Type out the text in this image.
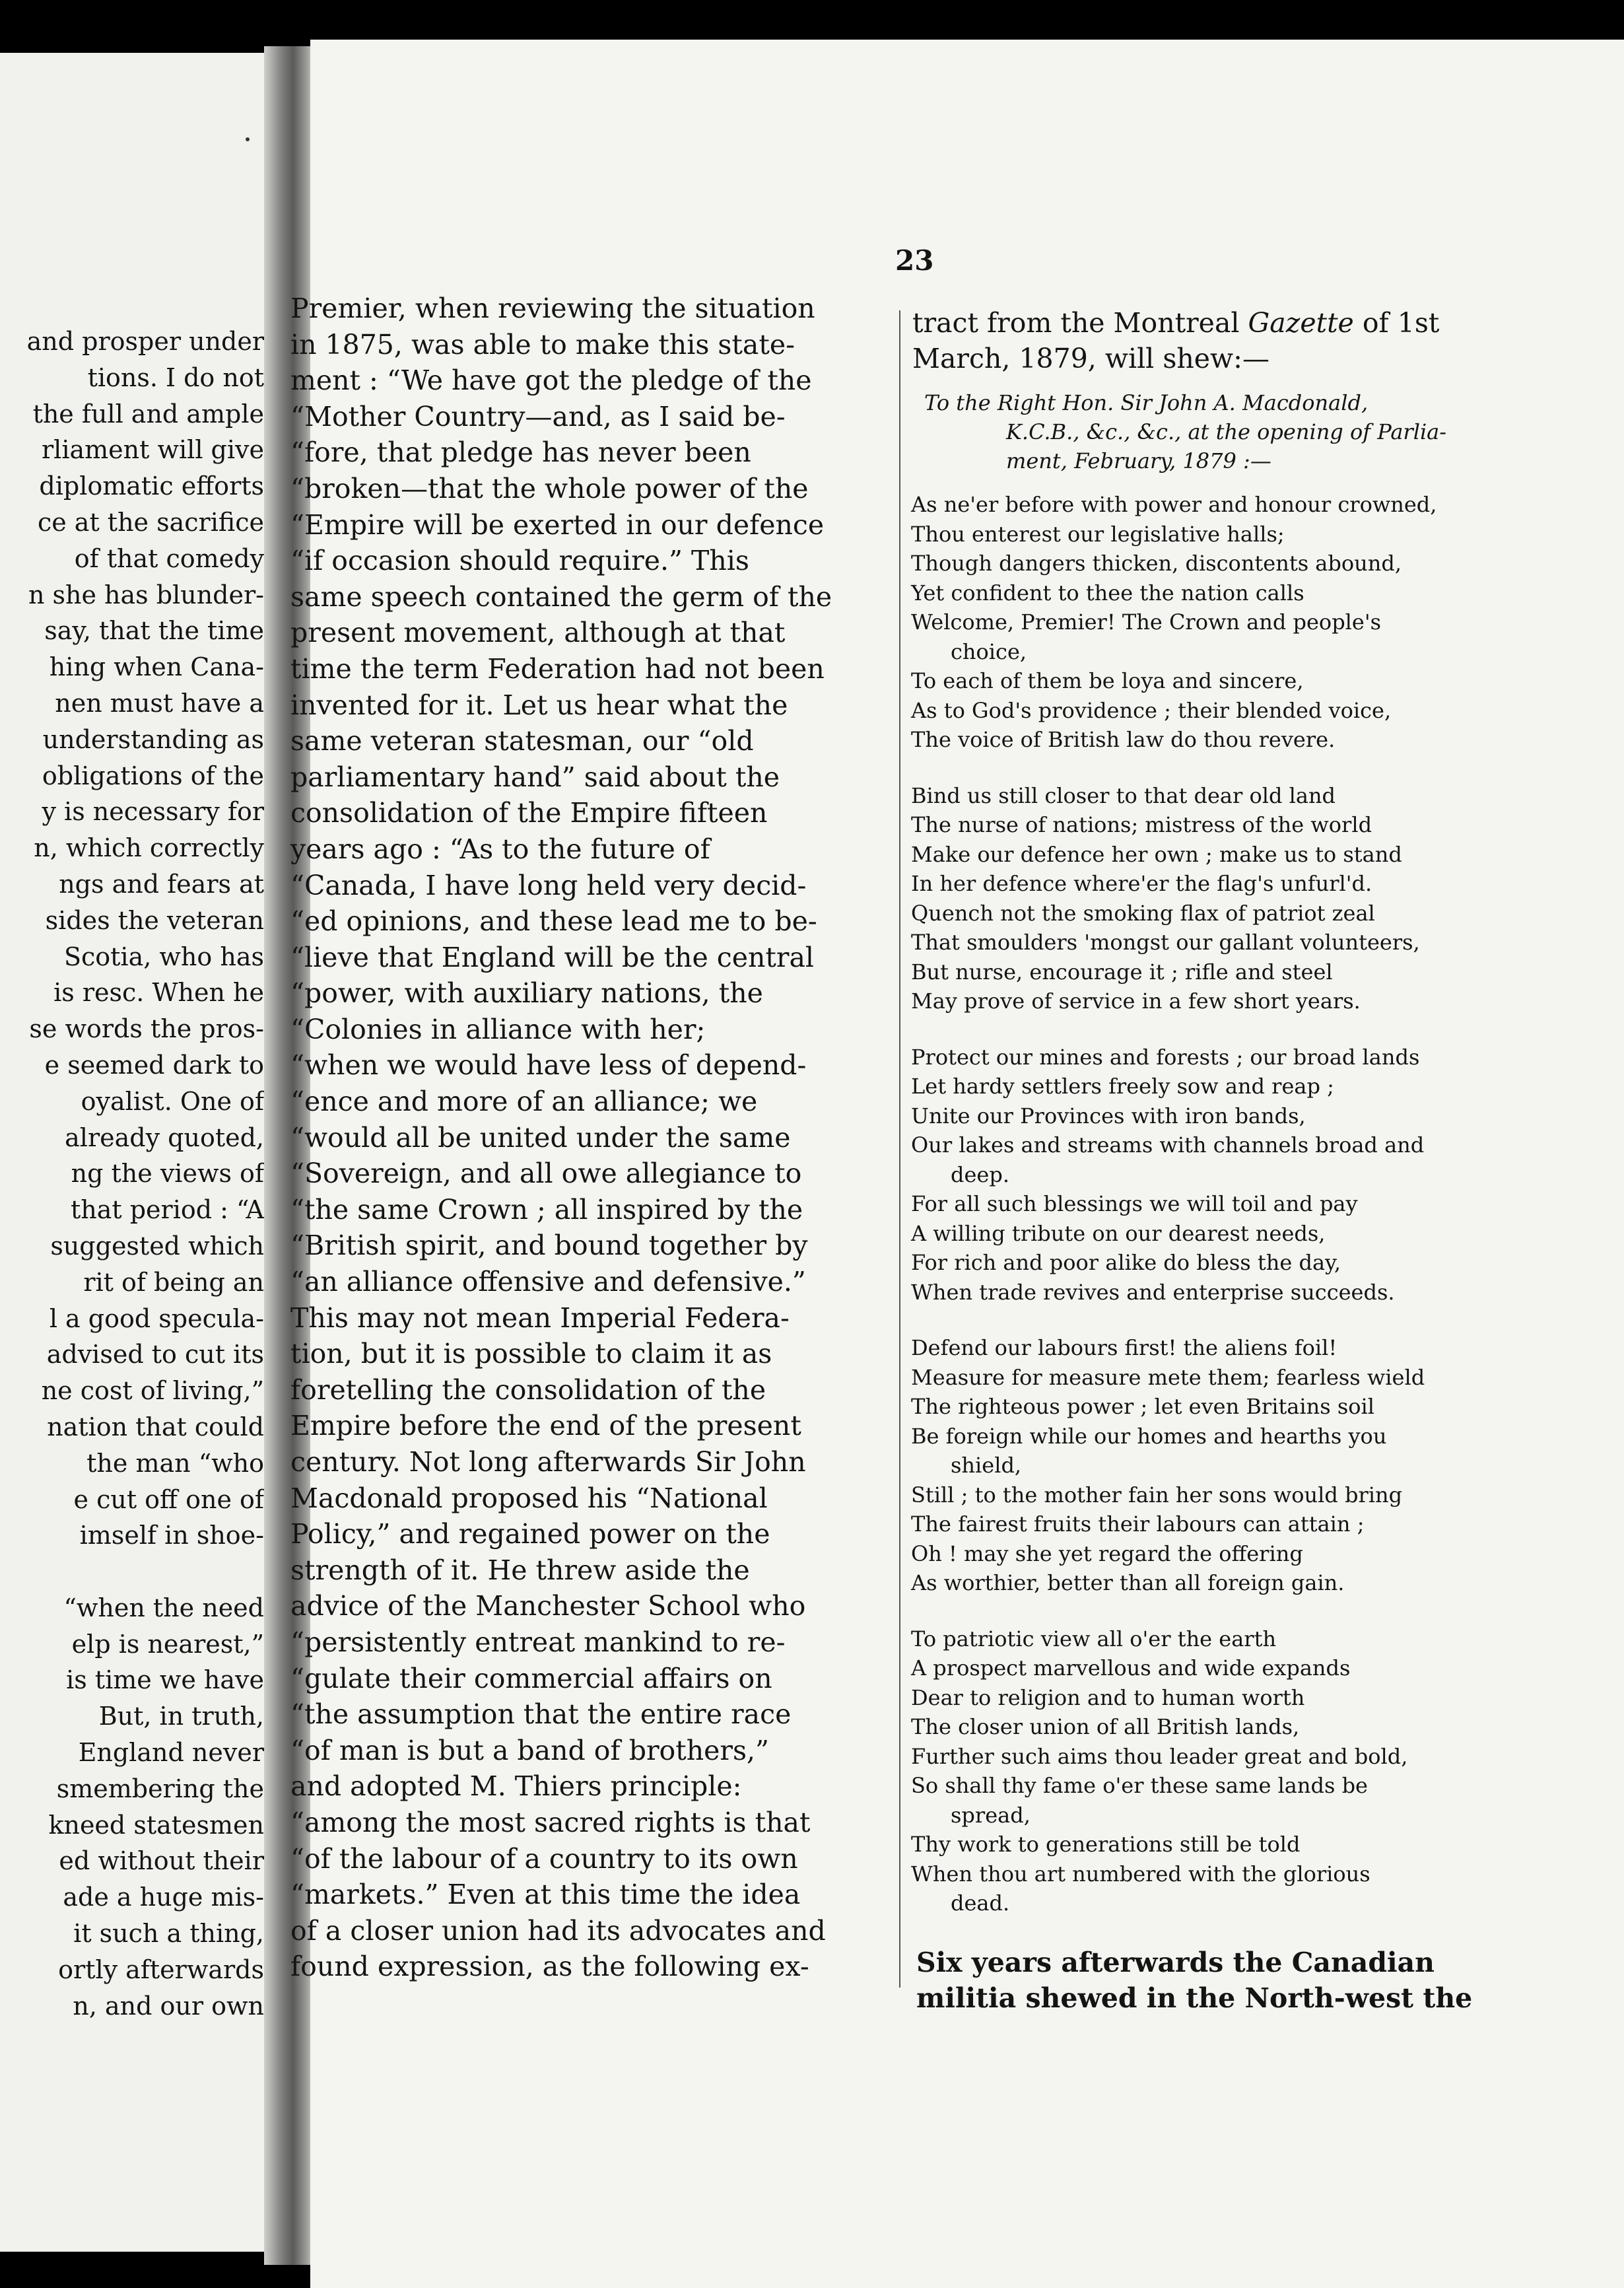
and prosper under
tions. I do not
the full and ample
rliament will give
diplomatic efforts
ce at the sacrifice
of that comedy
n she has blunder-
say, that the time
hing when Cana-
nen must have a
understanding as
obligations of the
y is necessary for
n, which correctly
ngs and fears at
sides the veteran
Scotia, who has
is resc. When he
se words the pros-
e seemed dark to
oyalist. One of
already quoted,
ng the views of
that period : “A
suggested which
rit of being an
l a good specula-
advised to cut its
ne cost of living,”
nation that could
the man “who
e cut off one of
imself in shoe-

“when the need
elp is nearest,”
is time we have
But, in truth,
England never
smembering the
kneed statesmen
ed without their
ade a huge mis-
it such a thing,
ortly afterwards
n, and our own
23
Premier, when reviewing the situation
in 1875, was able to make this state-
ment : “We have got the pledge of the
“Mother Country—and, as I said be-
“fore, that pledge has never been
“broken—that the whole power of the
“Empire will be exerted in our defence
“if occasion should require.” This
same speech contained the germ of the
present movement, although at that
time the term Federation had not been
invented for it. Let us hear what the
same veteran statesman, our “old
parliamentary hand” said about the
consolidation of the Empire fifteen
years ago : “As to the future of
“Canada, I have long held very decid-
“ed opinions, and these lead me to be-
“lieve that England will be the central
“power, with auxiliary nations, the
“Colonies in alliance with her;
“when we would have less of depend-
“ence and more of an alliance; we
“would all be united under the same
“Sovereign, and all owe allegiance to
“the same Crown ; all inspired by the
“British spirit, and bound together by
“an alliance offensive and defensive.”
This may not mean Imperial Federa-
tion, but it is possible to claim it as
foretelling the consolidation of the
Empire before the end of the present
century. Not long afterwards Sir John
Macdonald proposed his “National
Policy,” and regained power on the
strength of it. He threw aside the
advice of the Manchester School who
“persistently entreat mankind to re-
“gulate their commercial affairs on
“the assumption that the entire race
“of man is but a band of brothers,”
and adopted M. Thiers principle:
“among the most sacred rights is that
“of the labour of a country to its own
“markets.” Even at this time the idea
of a closer union had its advocates and
found expression, as the following ex-
tract from the Montreal Gazette of 1st
March, 1879, will shew:—
To the Right Hon. Sir John A. Macdonald,
K.C.B., &c., &c., at the opening of Parlia-
ment, February, 1879 :—
As ne'er before with power and honour crowned,
Thou enterest our legislative halls;
Though dangers thicken, discontents abound,
Yet confident to thee the nation calls
Welcome, Premier! The Crown and people's
choice,
To each of them be loya and sincere,
As to God's providence ; their blended voice,
The voice of British law do thou revere.
Bind us still closer to that dear old land
The nurse of nations; mistress of the world
Make our defence her own ; make us to stand
In her defence where'er the flag's unfurl'd.
Quench not the smoking flax of patriot zeal
That smoulders 'mongst our gallant volunteers,
But nurse, encourage it ; rifle and steel
May prove of service in a few short years.
Protect our mines and forests ; our broad lands
Let hardy settlers freely sow and reap ;
Unite our Provinces with iron bands,
Our lakes and streams with channels broad and
deep.
For all such blessings we will toil and pay
A willing tribute on our dearest needs,
For rich and poor alike do bless the day,
When trade revives and enterprise succeeds.
Defend our labours first! the aliens foil!
Measure for measure mete them; fearless wield
The righteous power ; let even Britains soil
Be foreign while our homes and hearths you
shield,
Still ; to the mother fain her sons would bring
The fairest fruits their labours can attain ;
Oh ! may she yet regard the offering
As worthier, better than all foreign gain.
To patriotic view all o'er the earth
A prospect marvellous and wide expands
Dear to religion and to human worth
The closer union of all British lands,
Further such aims thou leader great and bold,
So shall thy fame o'er these same lands be
spread,
Thy work to generations still be told
When thou art numbered with the glorious
dead.
Six years afterwards the Canadian
militia shewed in the North-west the
